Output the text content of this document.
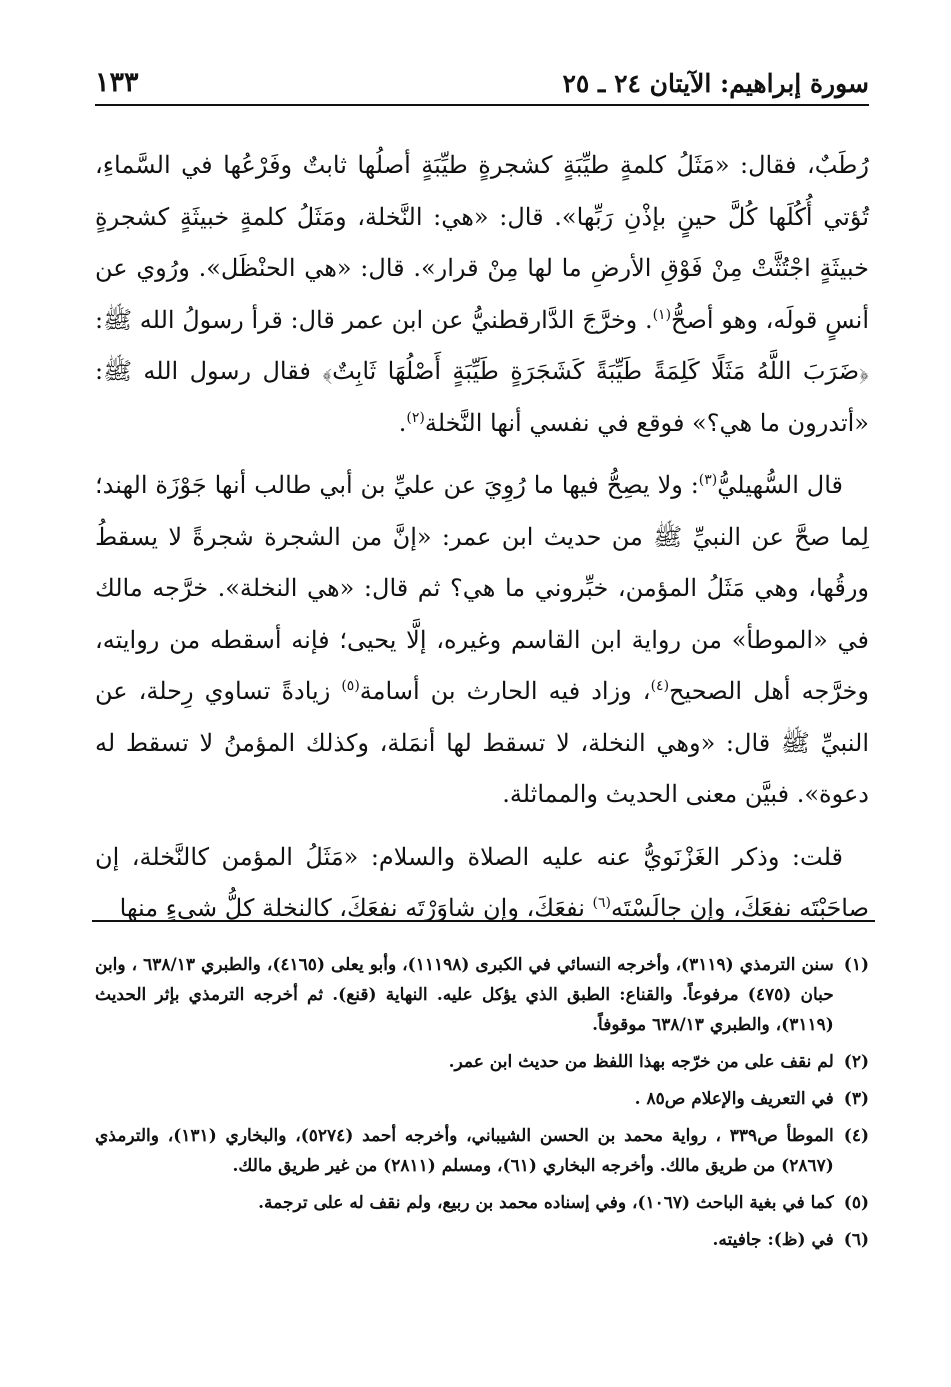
سورة إبراهيم: الآيتان ٢٤ ـ ٢٥
١٣٣

رُطَبٌ، فقال: «مَثَلُ كلمةٍ طيِّبَةٍ كشجرةٍ طيِّبَةٍ أصلُها ثابتٌ وفَرْعُها في السَّماءِ، تُؤتي أُكُلَها كُلَّ حينٍ بإذْنِ رَبِّها». قال: «هي: النَّخلة، ومَثَلُ كلمةٍ خبيثَةٍ كشجرةٍ خبيثَةٍ اجْتُثَّتْ مِنْ فَوْقِ الأرضِ ما لها مِنْ قرار». قال: «هي الحنْظَل». ورُوي عن أنسٍ قولَه، وهو أصحُّ$^{(١)}$. وخرَّجَ الدَّارقطنيُّ عن ابن عمر قال: قرأ رسولُ الله ﷺ: ﴿ضَرَبَ اللَّهُ مَثَلًا كَلِمَةً طَيِّبَةً كَشَجَرَةٍ طَيِّبَةٍ أَصْلُهَا ثَابِتٌ﴾ فقال رسول الله ﷺ: «أتدرون ما هي؟» فوقع في نفسي أنها النَّخلة$^{(٢)}$.

قال السُّهيليُّ$^{(٣)}$: ولا يصِحُّ فيها ما رُوِيَ عن عليِّ بن أبي طالب أنها جَوْزَة الهند؛ لِما صحَّ عن النبيِّ ﷺ من حديث ابن عمر: «إنَّ من الشجرة شجرةً لا يسقطُ ورقُها، وهي مَثَلُ المؤمن، خبِّروني ما هي؟ ثم قال: «هي النخلة». خرَّجه مالك في «الموطأ» من رواية ابن القاسم وغيره، إلَّا يحيى؛ فإنه أسقطه من روايته، وخرَّجه أهل الصحيح$^{(٤)}$، وزاد فيه الحارث بن أسامة$^{(٥)}$ زيادةً تساوي رِحلة، عن النبيِّ ﷺ قال: «وهي النخلة، لا تسقط لها أنمَلة، وكذلك المؤمنُ لا تسقط له دعوة». فبيَّن معنى الحديث والمماثلة.

قلت: وذكر الغَزْنَويُّ عنه عليه الصلاة والسلام: «مَثَلُ المؤمن كالنَّخلة، إن صاحَبْتَه نفعَكَ، وإن جالَسْتَه$^{(٦)}$ نفعَكَ، وإن شاوَرْتَه نفعَكَ، كالنخلة كلُّ شيءٍ منها

(١)
سنن الترمذي (٣١١٩)، وأخرجه النسائي في الكبرى (١١١٩٨)، وأبو يعلى (٤١٦٥)، والطبري ٦٣٨/١٣ ، وابن حبان (٤٧٥) مرفوعاً. والقناع: الطبق الذي يؤكل عليه. النهاية (قنع). ثم أخرجه الترمذي بإثر الحديث (٣١١٩)، والطبري ٦٣٨/١٣ موقوفاً.
(٢)
لم نقف على من خرّجه بهذا اللفظ من حديث ابن عمر.
(٣)
في التعريف والإعلام ص٨٥ .
(٤)
الموطأ ص٣٣٩ ، رواية محمد بن الحسن الشيباني، وأخرجه أحمد (٥٢٧٤)، والبخاري (١٣١)، والترمذي (٢٨٦٧) من طريق مالك. وأخرجه البخاري (٦١)، ومسلم (٢٨١١) من غير طريق مالك.
(٥)
كما في بغية الباحث (١٠٦٧)، وفي إسناده محمد بن ربيع، ولم نقف له على ترجمة.
(٦)
في (ظ): جافيته.
